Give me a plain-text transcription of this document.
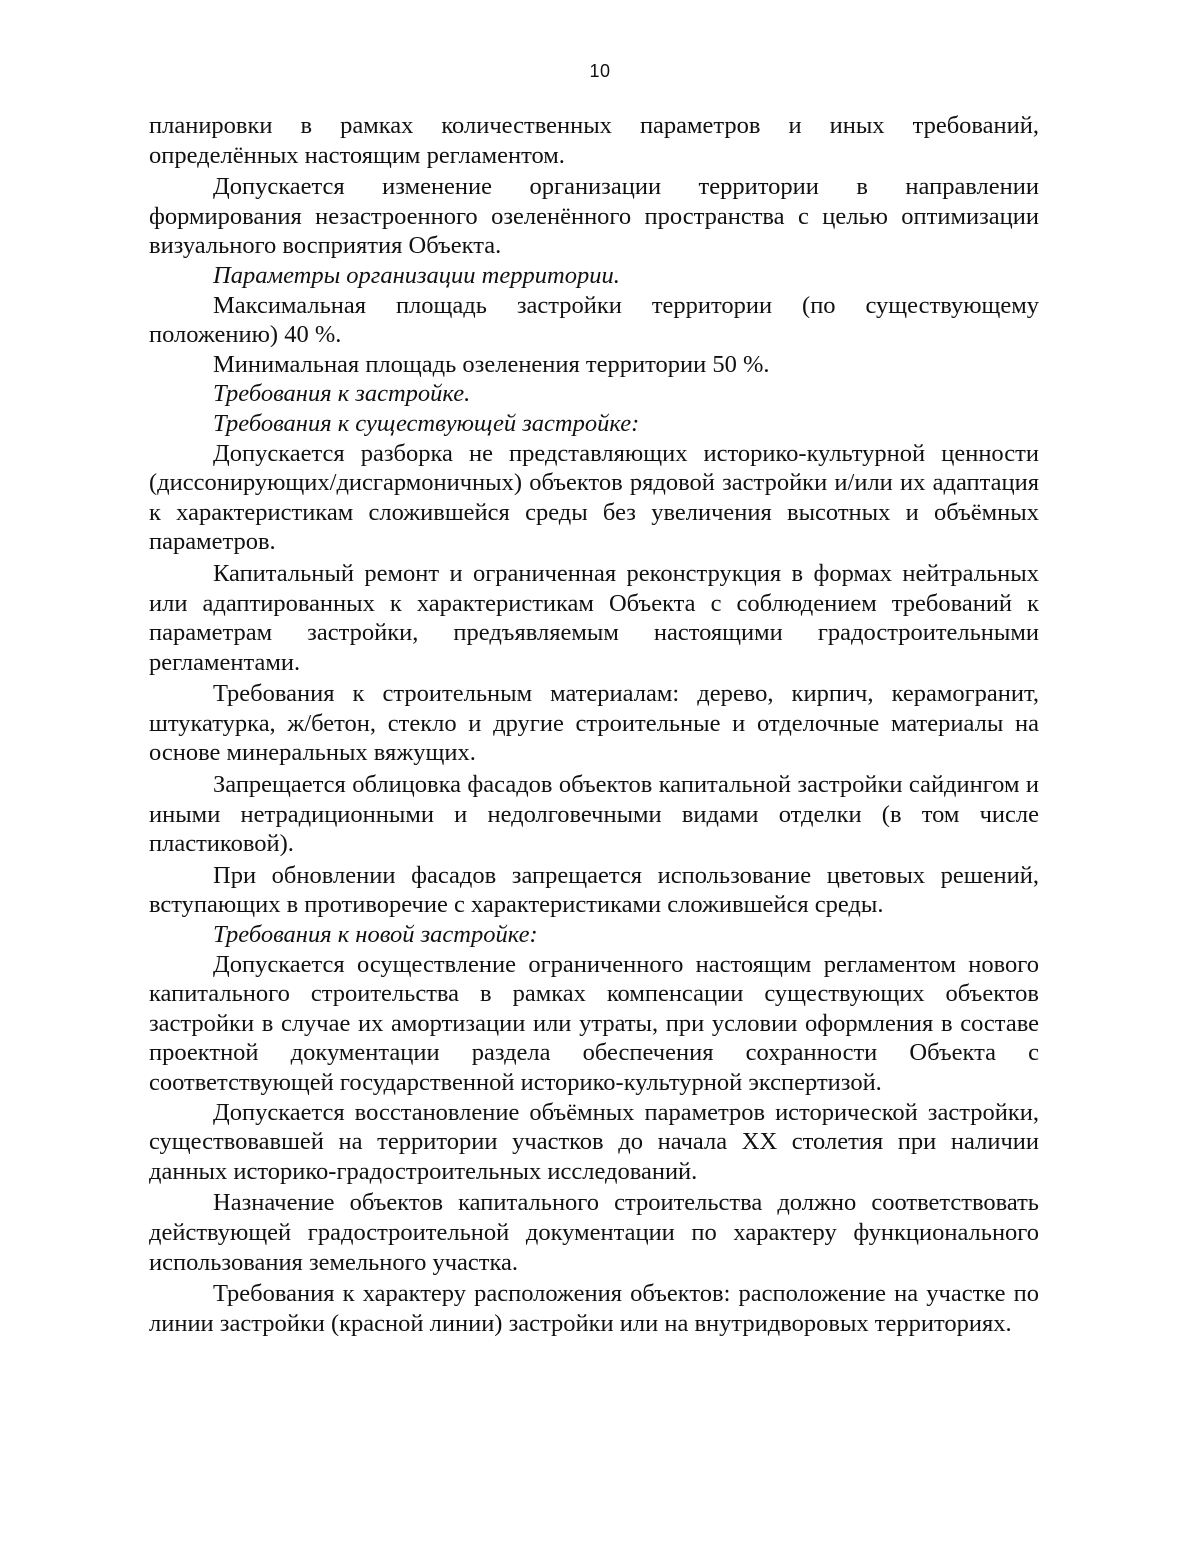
10

планировки в рамках количественных параметров и иных требований, определённых настоящим регламентом.

Допускается изменение организации территории в направлении формирования незастроенного озеленённого пространства с целью оптимизации визуального восприятия Объекта.

Параметры организации территории.

Максимальная площадь застройки территории (по существующему положению) 40 %.

Минимальная площадь озеленения территории 50 %.

Требования к застройке.

Требования к существующей застройке:

Допускается разборка не представляющих историко-культурной ценности (диссонирующих/дисгармоничных) объектов рядовой застройки и/или их адаптация к характеристикам сложившейся среды без увеличения высотных и объёмных параметров.

Капитальный ремонт и ограниченная реконструкция в формах нейтральных или адаптированных к характеристикам Объекта с соблюдением требований к параметрам застройки, предъявляемым настоящими градостроительными регламентами.

Требования к строительным материалам: дерево, кирпич, керамогранит, штукатурка, ж/бетон, стекло и другие строительные и отделочные материалы на основе минеральных вяжущих.

Запрещается облицовка фасадов объектов капитальной застройки сайдингом и иными нетрадиционными и недолговечными видами отделки (в том числе пластиковой).

При обновлении фасадов запрещается использование цветовых решений, вступающих в противоречие с характеристиками сложившейся среды.

Требования к новой застройке:

Допускается осуществление ограниченного настоящим регламентом нового капитального строительства в рамках компенсации существующих объектов застройки в случае их амортизации или утраты, при условии оформления в составе проектной документации раздела обеспечения сохранности Объекта с соответствующей государственной историко-культурной экспертизой.

Допускается восстановление объёмных параметров исторической застройки, существовавшей на территории участков до начала XX столетия при наличии данных историко-градостроительных исследований.

Назначение объектов капитального строительства должно соответствовать действующей градостроительной документации по характеру функционального использования земельного участка.

Требования к характеру расположения объектов: расположение на участке по линии застройки (красной линии) застройки или на внутридворовых территориях.
